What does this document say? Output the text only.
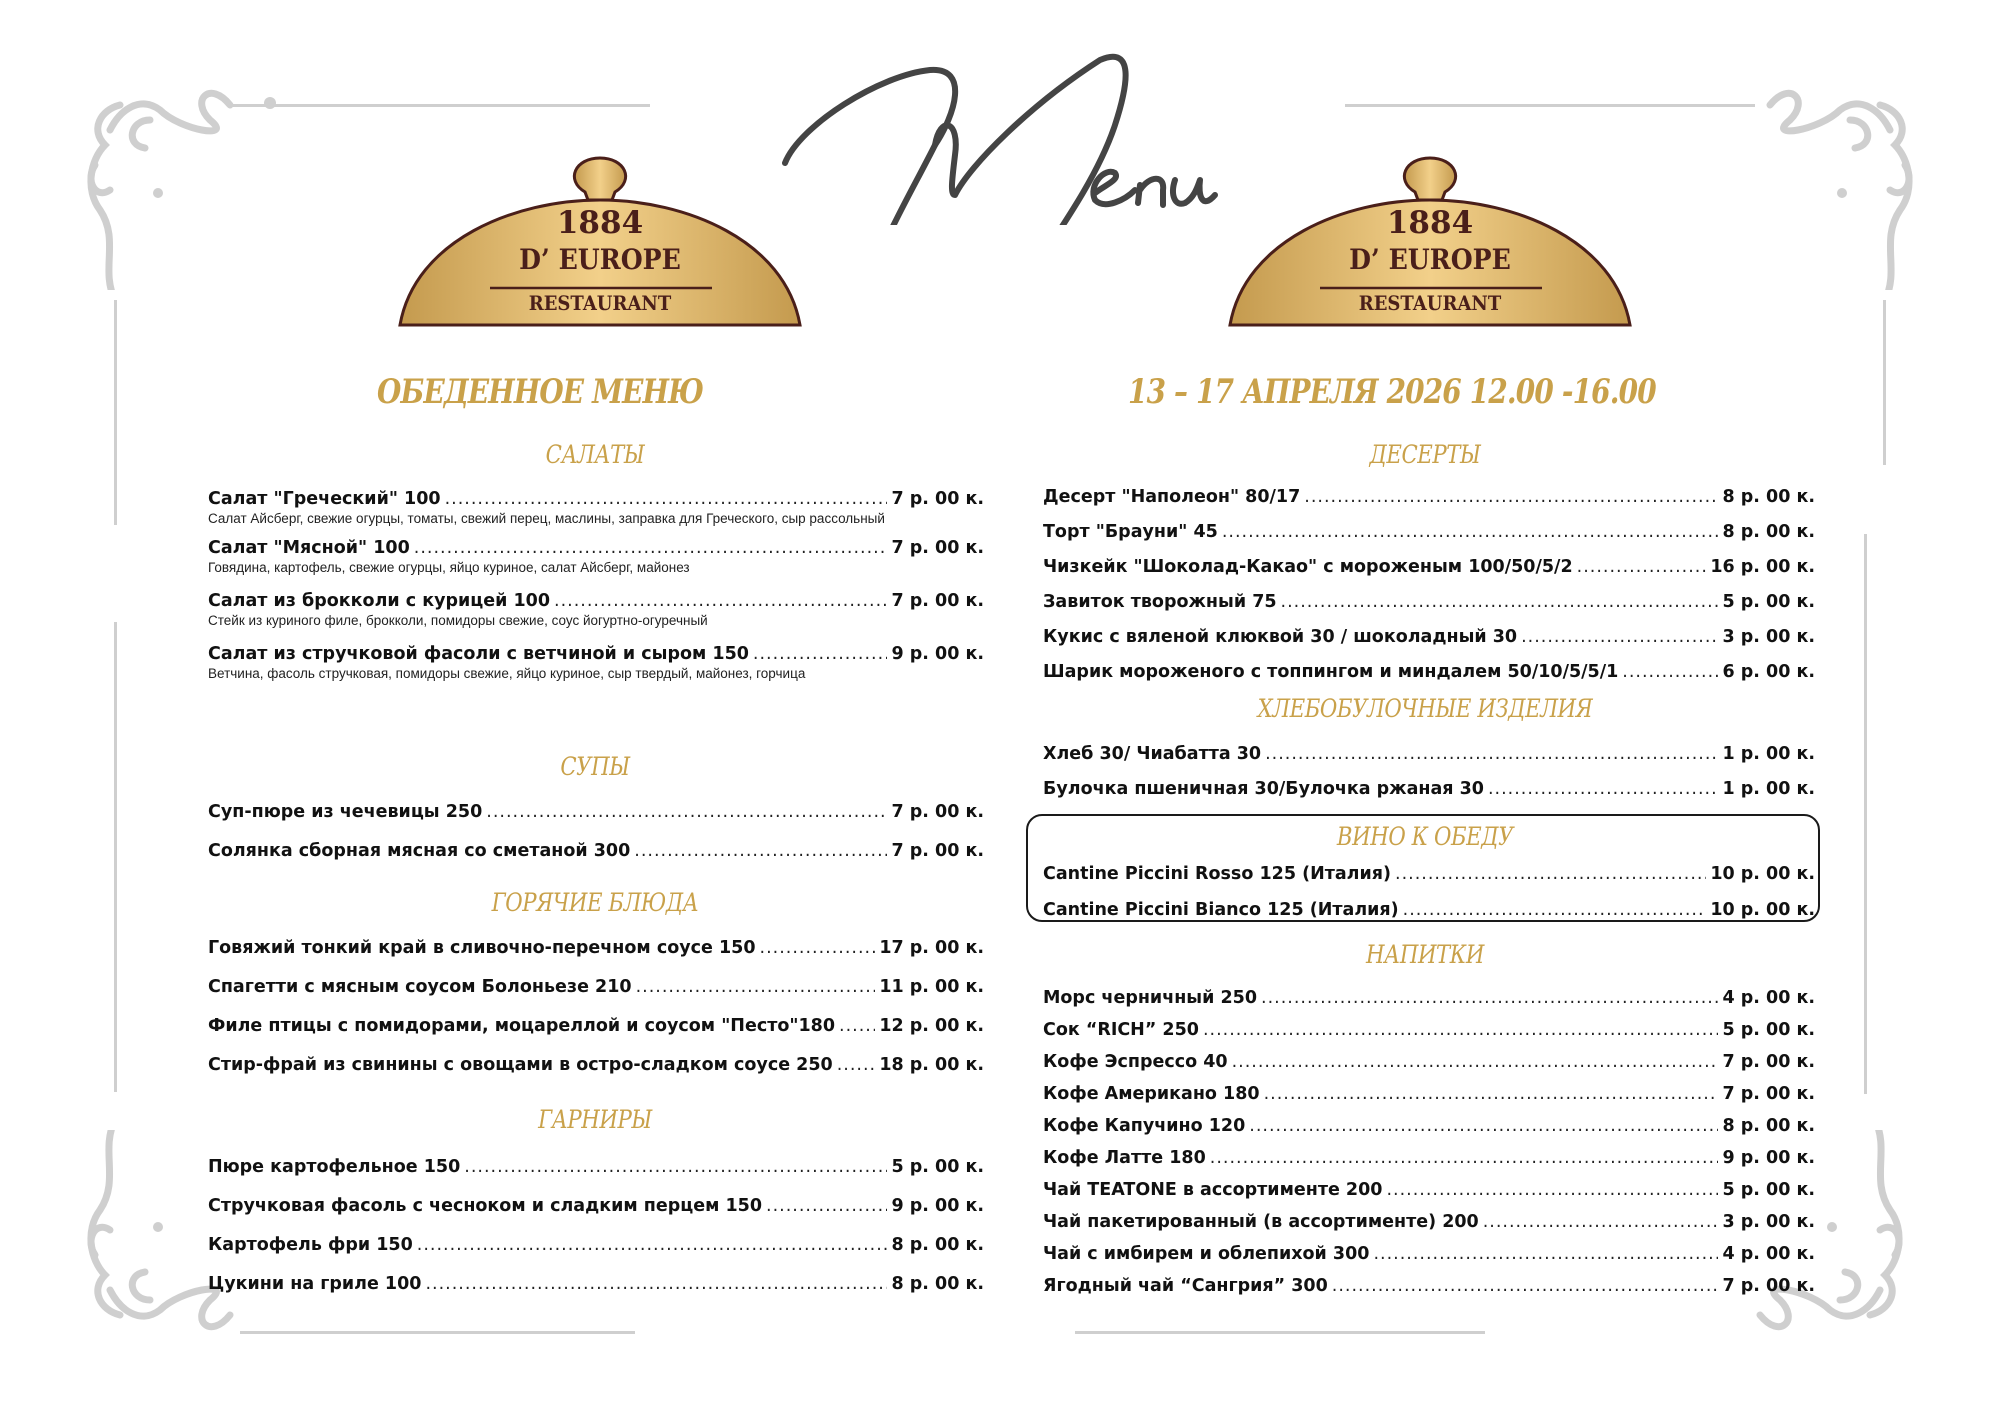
1884
D’ EUROPE
RESTAURANT
1884
D’ EUROPE
RESTAURANT
ОБЕДЕННОЕ МЕНЮ	13 – 17 АПРЕЛЯ 2026 12.00 -16.00
САЛАТЫ
Салат "Греческий" 100 .....	7 р. 00 к.
Салат Айсберг, свежие огурцы, томаты, свежий перец, маслины, заправка для Греческого, сыр рассольный
Салат "Мясной" 100 .....	7 р. 00 к.
Говядина, картофель, свежие огурцы, яйцо куриное, салат Айсберг, майонез
Салат из брокколи с курицей 100 .....	7 р. 00 к.
Стейк из куриного филе, брокколи, помидоры свежие, соус йогуртно-огуречный
Салат из стручковой фасоли с ветчиной и сыром 150 .....	9 р. 00 к.
Ветчина, фасоль стручковая, помидоры свежие, яйцо куриное, сыр твердый, майонез, горчица
СУПЫ
Суп-пюре из чечевицы 250 .....	7 р. 00 к.
Солянка сборная мясная со сметаной 300 .....	7 р. 00 к.
ГОРЯЧИЕ БЛЮДА
Говяжий тонкий край в сливочно-перечном соусе 150 .....	17 р. 00 к.
Спагетти с мясным соусом Болоньезе 210 .....	11 р. 00 к.
Филе птицы с помидорами, моцареллой и соусом "Песто"180 .....	12 р. 00 к.
Стир-фрай из свинины с овощами в остро-сладком соусе 250 .....	18 р. 00 к.
ГАРНИРЫ
Пюре картофельное 150 .....	5 р. 00 к.
Стручковая фасоль с чесноком и сладким перцем 150 .....	9 р. 00 к.
Картофель фри 150 .....	8 р. 00 к.
Цукини на гриле 100 .....	8 р. 00 к.
ДЕСЕРТЫ
Десерт "Наполеон" 80/17 .....	8 р. 00 к.
Торт "Брауни" 45 .....	8 р. 00 к.
Чизкейк "Шоколад-Какао" с мороженым 100/50/5/2 .....	16 р. 00 к.
Завиток творожный 75 .....	5 р. 00 к.
Кукис с вяленой клюквой 30 / шоколадный 30 .....	3 р. 00 к.
Шарик мороженого с топпингом и миндалем 50/10/5/5/1 .....	6 р. 00 к.
ХЛЕБОБУЛОЧНЫЕ ИЗДЕЛИЯ
Хлеб 30/ Чиабатта 30 .....	1 р. 00 к.
Булочка пшеничная 30/Булочка ржаная 30 .....	1 р. 00 к.
ВИНО К ОБЕДУ
Cantine Piccini Rosso 125 (Италия) .....	10 р. 00 к.
Cantine Piccini Bianco 125 (Италия) .....	10 р. 00 к.
НАПИТКИ
Морс черничный 250 .....	4 р. 00 к.
Сок “RICH” 250 .....	5 р. 00 к.
Кофе Эспрессо 40 .....	7 р. 00 к.
Кофе Американо 180 .....	7 р. 00 к.
Кофе Капучино 120 .....	8 р. 00 к.
Кофе Латте 180 .....	9 р. 00 к.
Чай TEATONE в ассортименте 200 .....	5 р. 00 к.
Чай пакетированный (в ассортименте) 200 .....	3 р. 00 к.
Чай с имбирем и облепихой 300 .....	4 р. 00 к.
Ягодный чай “Сангрия” 300 .....	7 р. 00 к.
